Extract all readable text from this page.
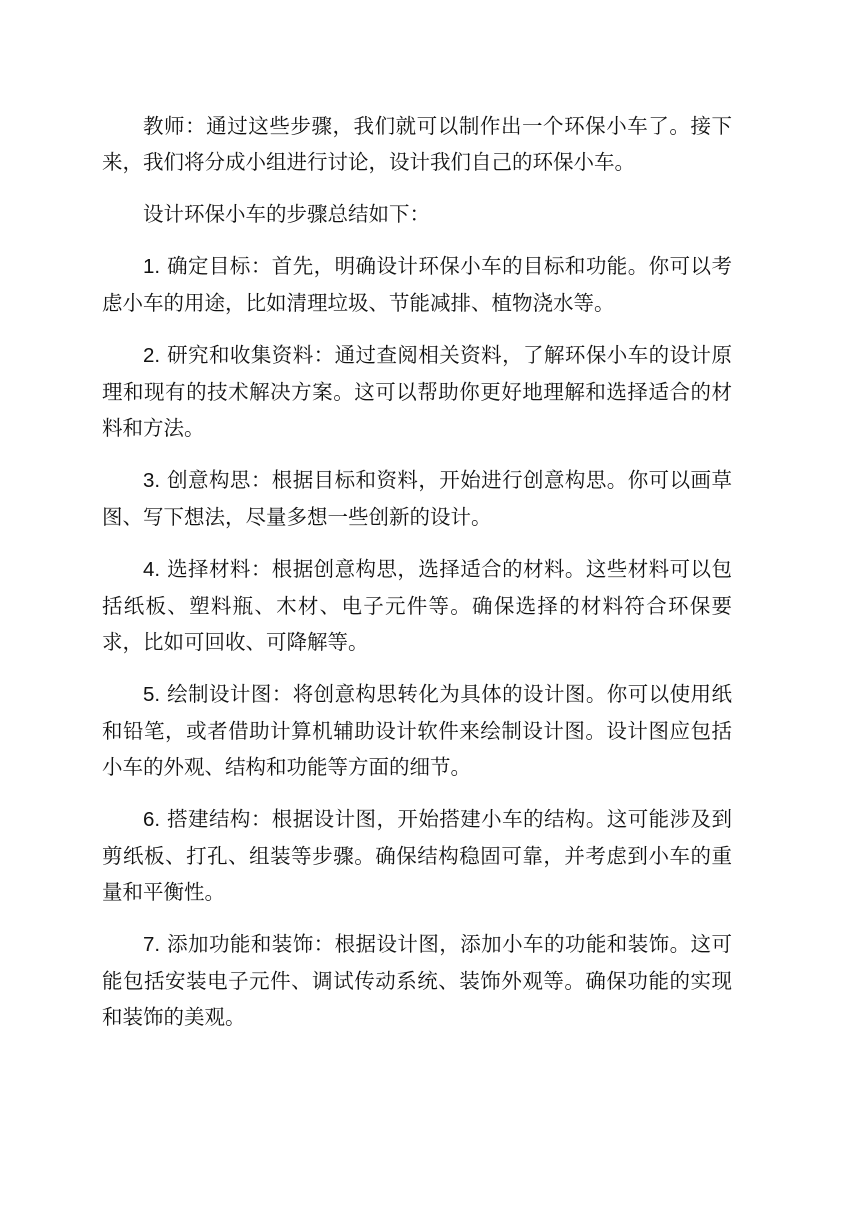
教师：通过这些步骤，我们就可以制作出一个环保小车了。接下来，我们将分成小组进行讨论，设计我们自己的环保小车。

设计环保小车的步骤总结如下：

1. 确定目标：首先，明确设计环保小车的目标和功能。你可以考虑小车的用途，比如清理垃圾、节能减排、植物浇水等。

2. 研究和收集资料：通过查阅相关资料，了解环保小车的设计原理和现有的技术解决方案。这可以帮助你更好地理解和选择适合的材料和方法。

3. 创意构思：根据目标和资料，开始进行创意构思。你可以画草图、写下想法，尽量多想一些创新的设计。

4. 选择材料：根据创意构思，选择适合的材料。这些材料可以包括纸板、塑料瓶、木材、电子元件等。确保选择的材料符合环保要求，比如可回收、可降解等。

5. 绘制设计图：将创意构思转化为具体的设计图。你可以使用纸和铅笔，或者借助计算机辅助设计软件来绘制设计图。设计图应包括小车的外观、结构和功能等方面的细节。

6. 搭建结构：根据设计图，开始搭建小车的结构。这可能涉及到剪纸板、打孔、组装等步骤。确保结构稳固可靠，并考虑到小车的重量和平衡性。

7. 添加功能和装饰：根据设计图，添加小车的功能和装饰。这可能包括安装电子元件、调试传动系统、装饰外观等。确保功能的实现和装饰的美观。
